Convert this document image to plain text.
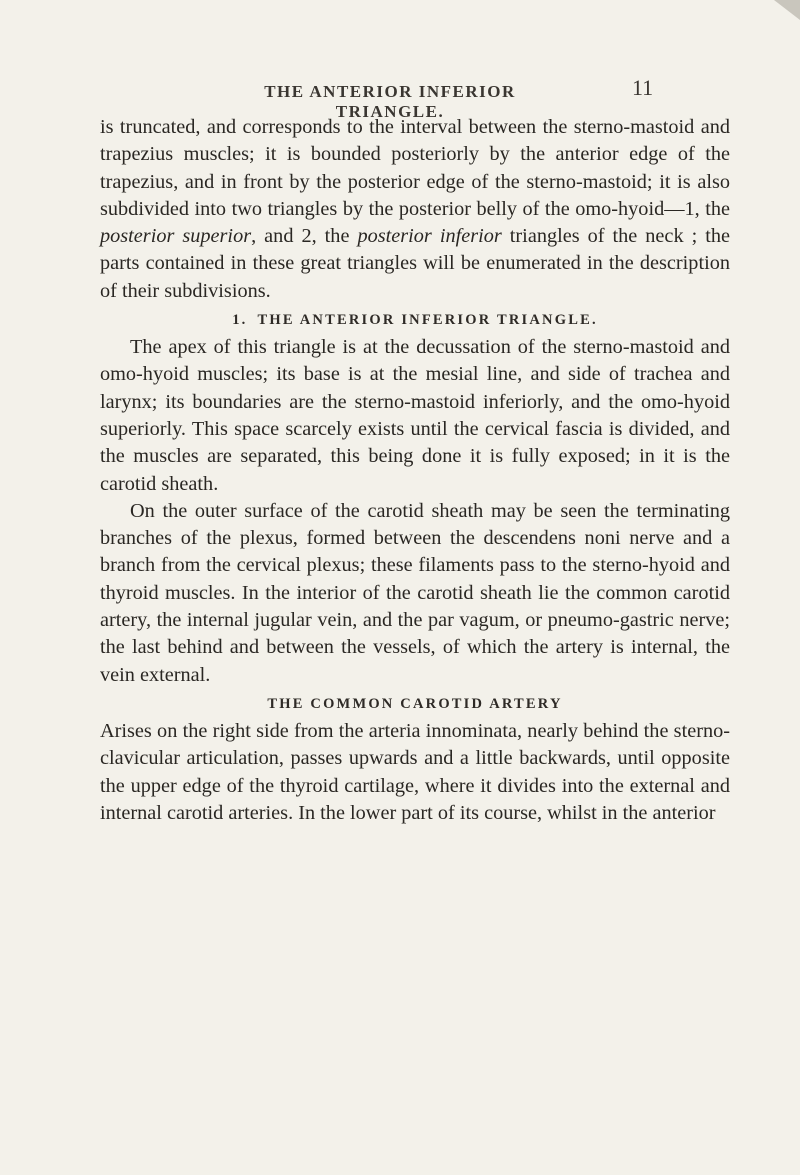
THE ANTERIOR INFERIOR TRIANGLE.
11

is truncated, and corresponds to the interval between the sterno-mastoid and trapezius muscles; it is bounded posteriorly by the anterior edge of the trapezius, and in front by the posterior edge of the sterno-mastoid; it is also subdivided into two triangles by the posterior belly of the omo-hyoid—1, the posterior superior, and 2, the posterior inferior triangles of the neck ; the parts contained in these great triangles will be enumerated in the description of their subdivisions.

1. THE ANTERIOR INFERIOR TRIANGLE.

The apex of this triangle is at the decussation of the sterno-mastoid and omo-hyoid muscles; its base is at the mesial line, and side of trachea and larynx; its boundaries are the sterno-mastoid inferiorly, and the omo-hyoid superiorly. This space scarcely exists until the cervical fascia is divided, and the muscles are separated, this being done it is fully exposed; in it is the carotid sheath.

On the outer surface of the carotid sheath may be seen the terminating branches of the plexus, formed between the descendens noni nerve and a branch from the cervical plexus; these filaments pass to the sterno-hyoid and thyroid muscles. In the interior of the carotid sheath lie the common carotid artery, the internal jugular vein, and the par vagum, or pneumo-gastric nerve; the last behind and between the vessels, of which the artery is internal, the vein external.

THE COMMON CAROTID ARTERY

Arises on the right side from the arteria innominata, nearly behind the sterno-clavicular articulation, passes upwards and a little backwards, until opposite the upper edge of the thyroid cartilage, where it divides into the external and internal carotid arteries. In the lower part of its course, whilst in the anterior
